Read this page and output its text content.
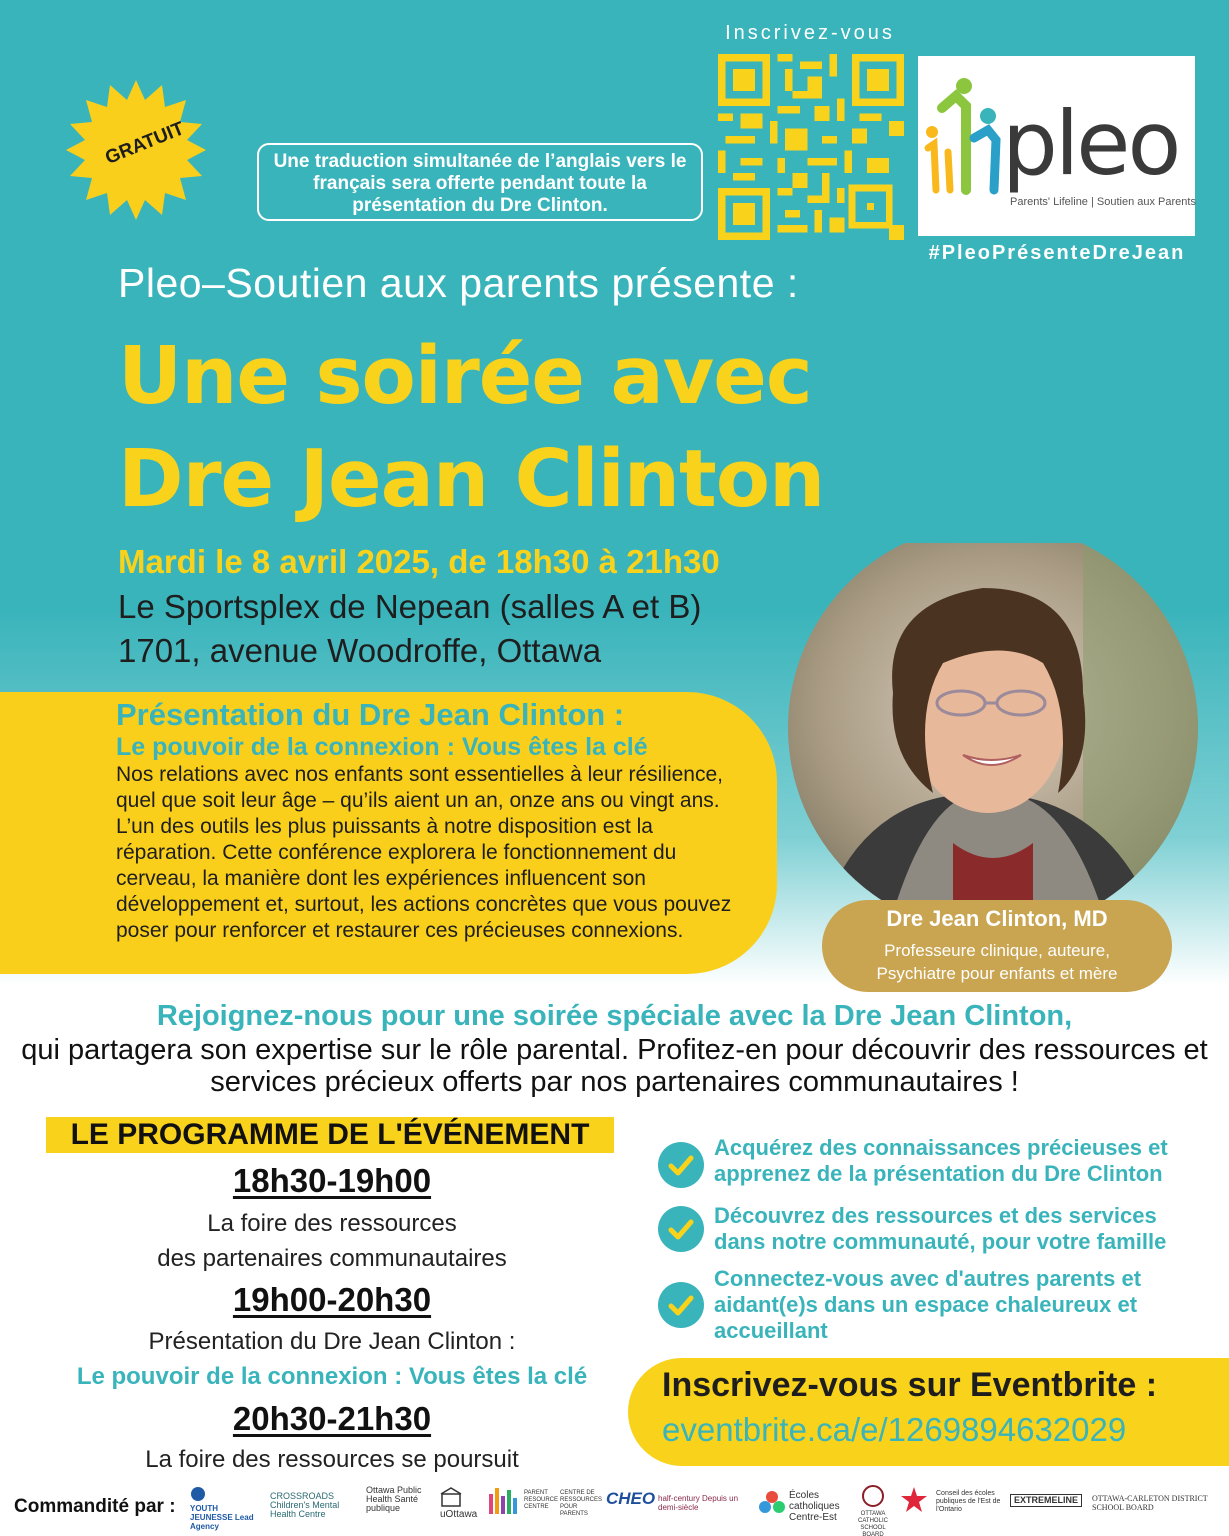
GRATUIT	Une traduction simultanée de l’anglais vers le français sera offerte pendant toute la présentation du Dre Clinton.
Inscrivez-vous
pleo
Parents' Lifeline | Soutien aux Parents
#PleoPrésenteDreJean
Pleo–Soutien aux parents présente :
Une soirée avec
Dre Jean Clinton
Mardi le 8 avril 2025, de 18h30 à 21h30
Le Sportsplex de Nepean (salles A et B)
1701, avenue Woodroffe, Ottawa
Présentation du Dre Jean Clinton :
Le pouvoir de la connexion : Vous êtes la clé
Nos relations avec nos enfants sont essentielles à leur résilience, quel que soit leur âge – qu’ils aient un an, onze ans ou vingt ans. L’un des outils les plus puissants à notre disposition est la réparation. Cette conférence explorera le fonctionnement du cerveau, la manière dont les expériences influencent son développement et, surtout, les actions concrètes que vous pouvez poser pour renforcer et restaurer ces précieuses connexions.	Dre Jean Clinton, MD
Professeure clinique, auteure,
Psychiatre pour enfants et mère
Rejoignez-nous pour une soirée spéciale avec la Dre Jean Clinton,
qui partagera son expertise sur le rôle parental. Profitez-en pour découvrir des ressources et services précieux offerts par nos partenaires communautaires !
LE PROGRAMME DE L'ÉVÉNEMENT
18h30-19h00
La foire des ressources
des partenaires communautaires
19h00-20h30
Présentation du Dre Jean Clinton :
Le pouvoir de la connexion : Vous êtes la clé
20h30-21h30
La foire des ressources se poursuit
Acquérez des connaissances précieuses et apprenez de la présentation du Dre Clinton
Découvrez des ressources et des services dans notre communauté, pour votre famille
Connectez-vous avec d'autres parents et aidant(e)s dans un espace chaleureux et accueillant
Inscrivez-vous sur Eventbrite :
eventbrite.ca/e/1269894632029
Commandité par : YOUTH JEUNESSE Lead Agency
CROSSROADS Children's Mental Health Centre
Ottawa Public Health Santé publique
uOttawa
PARENT RESOURCE CENTRE
CENTRE DE RESSOURCES POUR PARENTS
CHEO half-century Depuis un demi-siècle
Écoles catholiques Centre-Est	OTTAWA CATHOLIC SCHOOL BOARD
Conseil des écoles publiques de l'Est de l'Ontario
EXTREMELINE	OTTAWA-CARLETON DISTRICT SCHOOL BOARD
